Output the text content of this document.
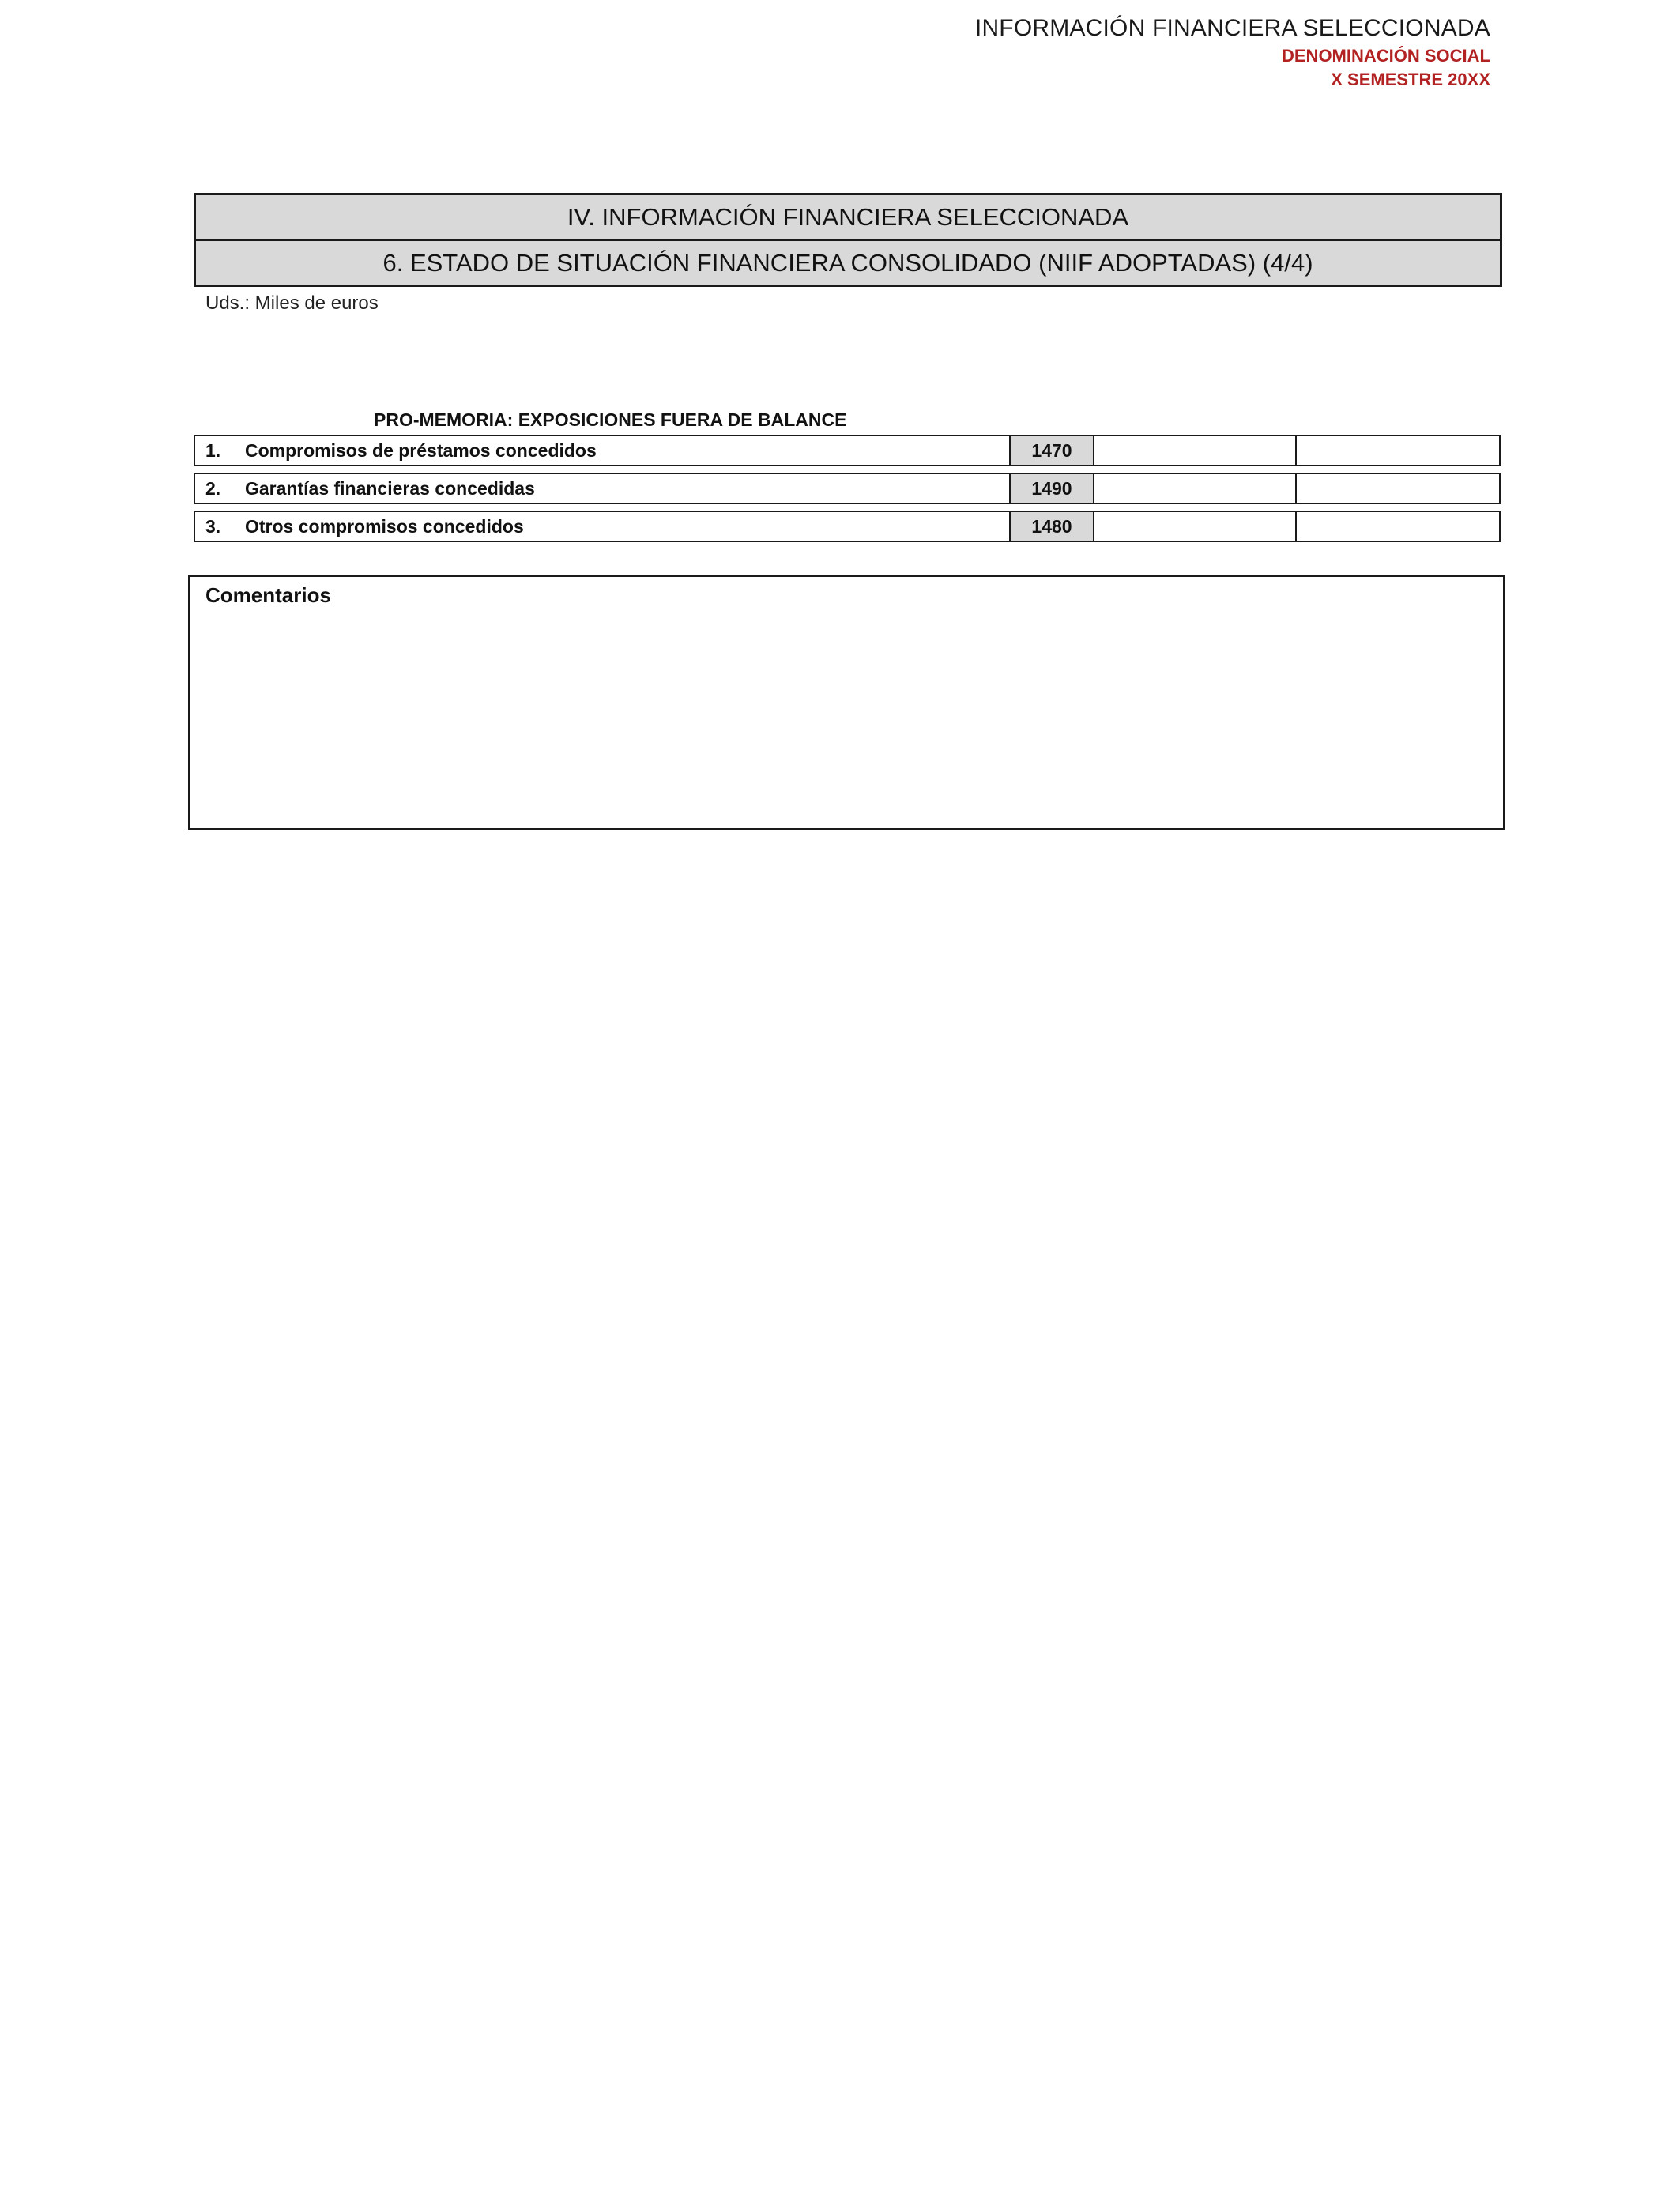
INFORMACIÓN FINANCIERA SELECCIONADA
DENOMINACIÓN SOCIAL
X SEMESTRE 20XX
IV. INFORMACIÓN FINANCIERA SELECCIONADA
6. ESTADO DE SITUACIÓN FINANCIERA CONSOLIDADO (NIIF ADOPTADAS) (4/4)
Uds.: Miles de euros
PRO-MEMORIA: EXPOSICIONES FUERA DE BALANCE
1. Compromisos de préstamos concedidos	1470
2. Garantías financieras concedidas	1490
3. Otros compromisos concedidos	1480
Comentarios
